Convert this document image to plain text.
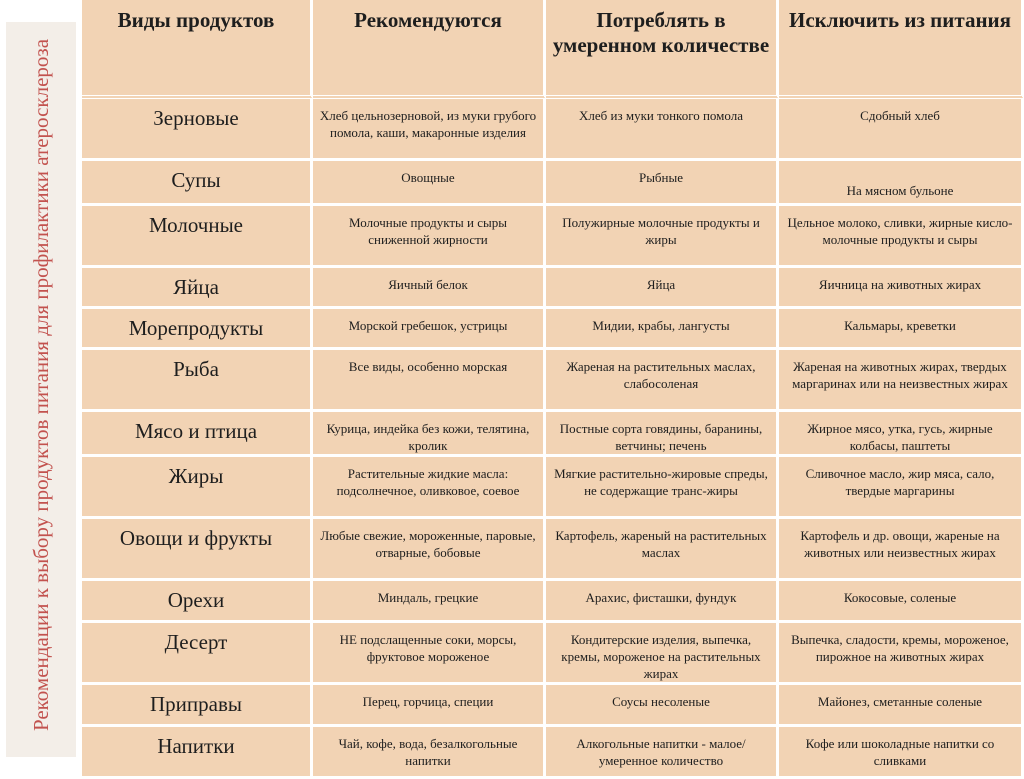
Рекомендации к выбору продуктов питания для профилактики атеросклероза
Виды продуктов	Рекомендуются	Потреблять в умеренном количестве	Исключить из питания
Зерновые	Хлеб цельнозерновой, из муки грубого помола, каши, макаронные изделия	Хлеб из муки тонкого помола	Сдобный хлеб
Супы	Овощные	Рыбные	На мясном бульоне
Молочные	Молочные продукты и сыры сниженной жирности	Полужирные молочные продукты и жиры	Цельное молоко, сливки, жирные кисло-молочные продукты и сыры
Яйца	Яичный белок	Яйца	Яичница на животных жирах
Морепродукты	Морской гребешок, устрицы	Мидии, крабы, лангусты	Кальмары, креветки
Рыба	Все виды, особенно морская	Жареная на растительных маслах, слабосоленая	Жареная на животных жирах, твердых маргаринах или на неизвестных жирах
Мясо и птица	Курица, индейка без кожи, телятина, кролик	Постные сорта говядины, баранины, ветчины; печень	Жирное мясо, утка, гусь, жирные колбасы, паштеты
Жиры	Растительные жидкие масла: подсолнечное, оливковое, соевое	Мягкие растительно-жировые спреды, не содержащие транс-жиры	Сливочное масло, жир мяса, сало, твердые маргарины
Овощи и фрукты	Любые свежие, мороженные, паровые, отварные, бобовые	Картофель, жареный на растительных маслах	Картофель и др. овощи, жареные на животных или неизвестных жирах
Орехи	Миндаль, грецкие	Арахис, фисташки, фундук	Кокосовые, соленые
Десерт	НЕ подслащенные соки, морсы, фруктовое мороженое	Кондитерские изделия, выпечка, кремы, мороженое на растительных жирах	Выпечка, сладости, кремы, мороженое, пирожное на животных жирах
Приправы	Перец, горчица, специи	Соусы несоленые	Майонез, сметанные соленые
Напитки	Чай, кофе, вода, безалкогольные напитки	Алкогольные напитки - малое/умеренное количество	Кофе или шоколадные напитки со сливками
